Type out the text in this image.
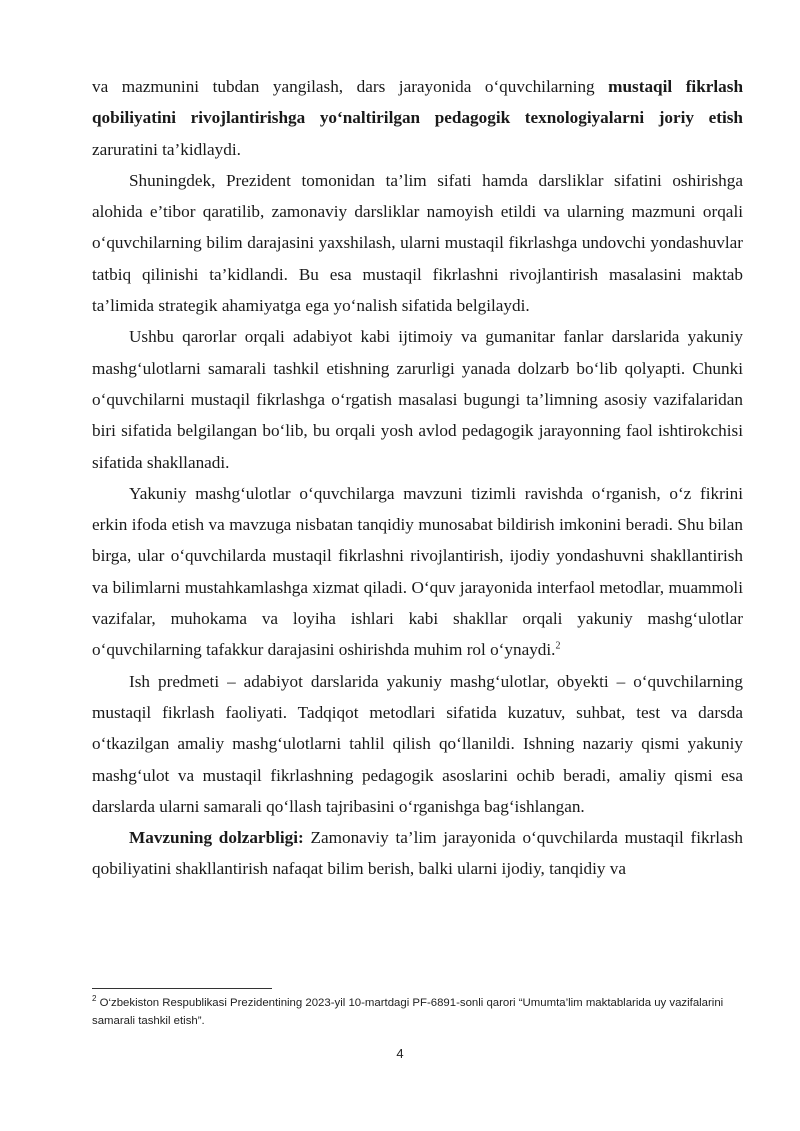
va mazmunini tubdan yangilash, dars jarayonida o‘quvchilarning mustaqil fikrlash qobiliyatini rivojlantirishga yo‘naltirilgan pedagogik texnologiyalarni joriy etish zaruratini ta’kidlaydi.

Shuningdek, Prezident tomonidan ta’lim sifati hamda darsliklar sifatini oshirishga alohida e’tibor qaratilib, zamonaviy darsliklar namoyish etildi va ularning mazmuni orqali o‘quvchilarning bilim darajasini yaxshilash, ularni mustaqil fikrlashga undovchi yondashuvlar tatbiq qilinishi ta’kidlandi. Bu esa mustaqil fikrlashni rivojlantirish masalasini maktab ta’limida strategik ahamiyatga ega yo‘nalish sifatida belgilaydi.

Ushbu qarorlar orqali adabiyot kabi ijtimoiy va gumanitar fanlar darslarida yakuniy mashg‘ulotlarni samarali tashkil etishning zarurligi yanada dolzarb bo‘lib qolyapti. Chunki o‘quvchilarni mustaqil fikrlashga o‘rgatish masalasi bugungi ta’limning asosiy vazifalaridan biri sifatida belgilangan bo‘lib, bu orqali yosh avlod pedagogik jarayonning faol ishtirokchisi sifatida shakllanadi.

Yakuniy mashg‘ulotlar o‘quvchilarga mavzuni tizimli ravishda o‘rganish, o‘z fikrini erkin ifoda etish va mavzuga nisbatan tanqidiy munosabat bildirish imkonini beradi. Shu bilan birga, ular o‘quvchilarda mustaqil fikrlashni rivojlantirish, ijodiy yondashuvni shakllantirish va bilimlarni mustahkamlashga xizmat qiladi. O‘quv jarayonida interfaol metodlar, muammoli vazifalar, muhokama va loyiha ishlari kabi shakllar orqali yakuniy mashg‘ulotlar o‘quvchilarning tafakkur darajasini oshirishda muhim rol o‘ynaydi.$^2$

Ish predmeti – adabiyot darslarida yakuniy mashg‘ulotlar, obyekti – o‘quvchilarning mustaqil fikrlash faoliyati. Tadqiqot metodlari sifatida kuzatuv, suhbat, test va darsda o‘tkazilgan amaliy mashg‘ulotlarni tahlil qilish qo‘llanildi. Ishning nazariy qismi yakuniy mashg‘ulot va mustaqil fikrlashning pedagogik asoslarini ochib beradi, amaliy qismi esa darslarda ularni samarali qo‘llash tajribasini o‘rganishga bag‘ishlangan.

Mavzuning dolzarbligi: Zamonaviy ta’lim jarayonida o‘quvchilarda mustaqil fikrlash qobiliyatini shakllantirish nafaqat bilim berish, balki ularni ijodiy, tanqidiy va

$^2$ O‘zbekiston Respublikasi Prezidentining 2023-yil 10-martdagi PF-6891-sonli qarori “Umumta’lim maktablarida uy vazifalarini samarali tashkil etish”.
4
